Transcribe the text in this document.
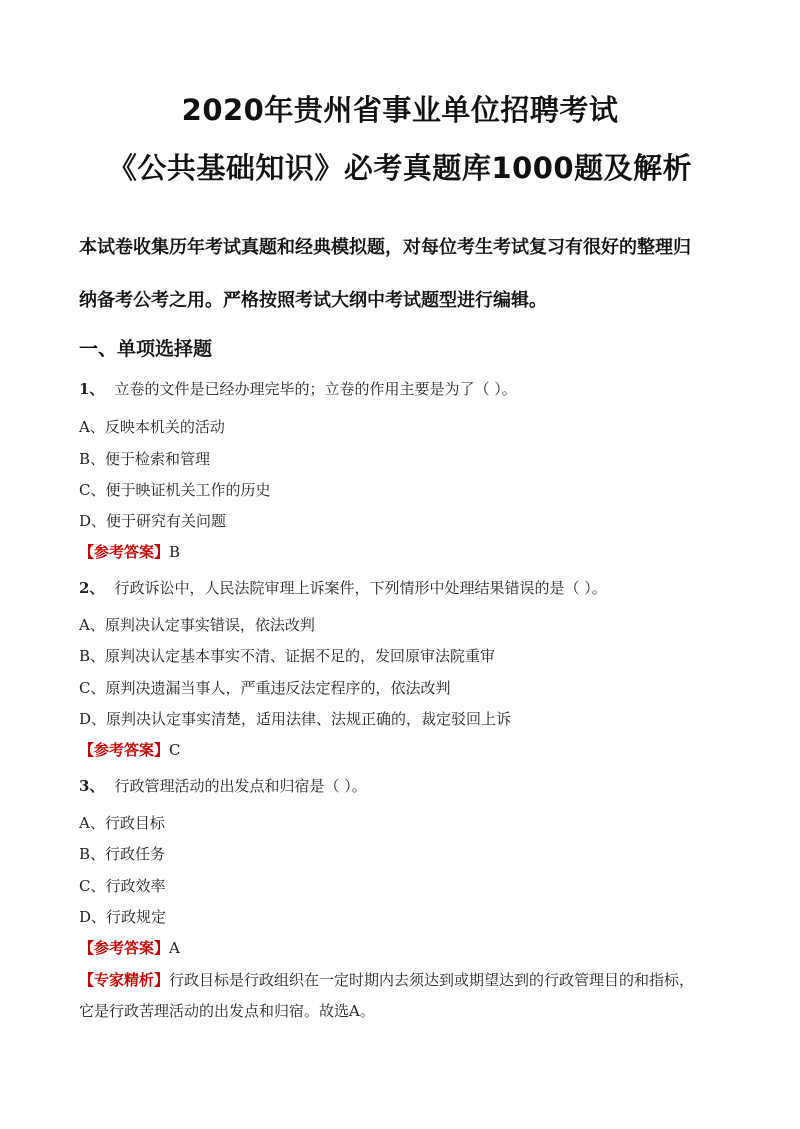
2020年贵州省事业单位招聘考试
《公共基础知识》必考真题库1000题及解析
本试卷收集历年考试真题和经典模拟题，对每位考生考试复习有很好的整理归
纳备考公考之用。严格按照考试大纲中考试题型进行编辑。
一、单项选择题
1、 立卷的文件是已经办理完毕的；立卷的作用主要是为了（ ）。
A、反映本机关的活动
B、便于检索和管理
C、便于映证机关工作的历史
D、便于研究有关问题
【参考答案】B
2、 行政诉讼中，人民法院审理上诉案件，下列情形中处理结果错误的是（ ）。
A、原判决认定事实错误，依法改判
B、原判决认定基本事实不清、证据不足的，发回原审法院重审
C、原判决遗漏当事人，严重违反法定程序的，依法改判
D、原判决认定事实清楚，适用法律、法规正确的，裁定驳回上诉
【参考答案】C
3、 行政管理活动的出发点和归宿是（ ）。
A、行政目标
B、行政任务
C、行政效率
D、行政规定
【参考答案】A
【专家精析】行政目标是行政组织在一定时期内去须达到或期望达到的行政管理目的和指标，
它是行政苦理活动的出发点和归宿。故选A。
